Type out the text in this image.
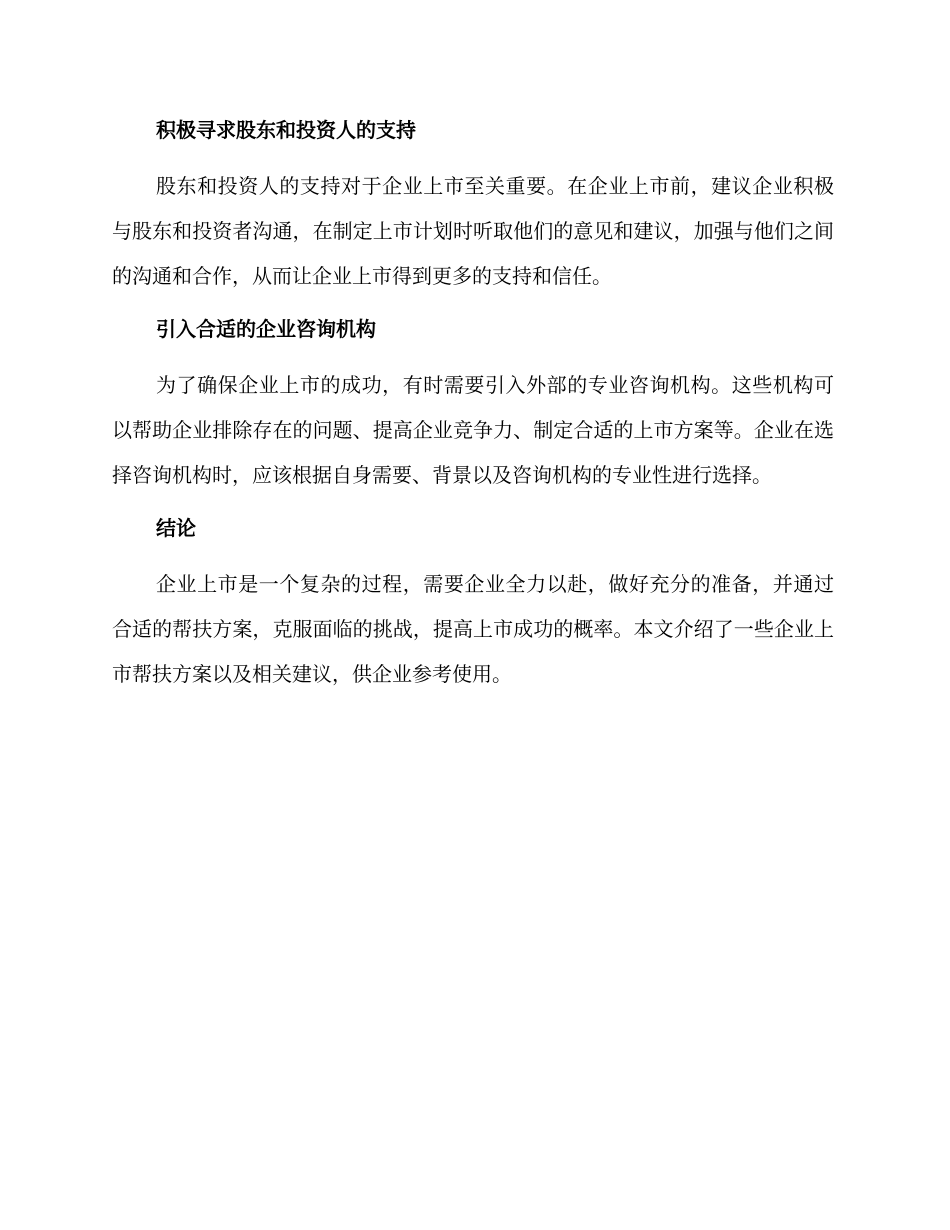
积极寻求股东和投资人的支持

股东和投资人的支持对于企业上市至关重要。在企业上市前，建议企业积极与股东和投资者沟通，在制定上市计划时听取他们的意见和建议，加强与他们之间的沟通和合作，从而让企业上市得到更多的支持和信任。

引入合适的企业咨询机构

为了确保企业上市的成功，有时需要引入外部的专业咨询机构。这些机构可以帮助企业排除存在的问题、提高企业竞争力、制定合适的上市方案等。企业在选择咨询机构时，应该根据自身需要、背景以及咨询机构的专业性进行选择。

结论

企业上市是一个复杂的过程，需要企业全力以赴，做好充分的准备，并通过合适的帮扶方案，克服面临的挑战，提高上市成功的概率。本文介绍了一些企业上市帮扶方案以及相关建议，供企业参考使用。
